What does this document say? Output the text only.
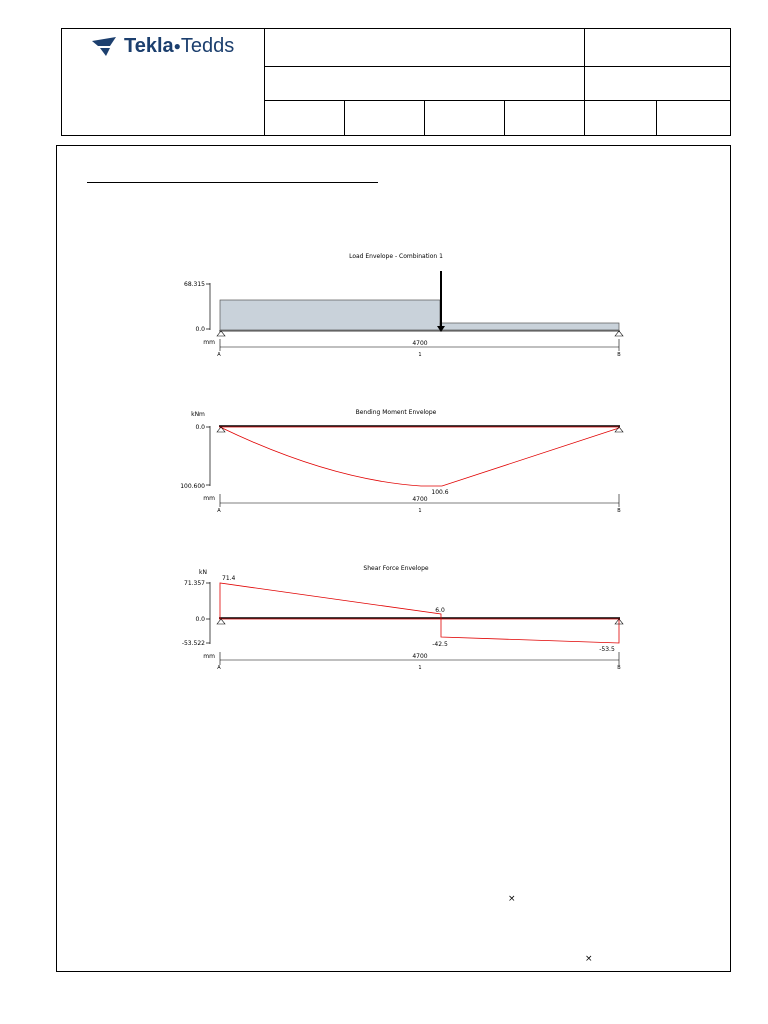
Tekla●Tedds
Load Envelope - Combination 1
68.315
0.0
mm	4700
A	1	B
Bending Moment Envelope
kNm
0.0
100.600
100.6
mm	4700
A	1	B
Shear Force Envelope
kN
71.357
0.0
-53.522
71.4
6.0
-42.5
-53.5
mm	4700
A	1	B
×
×
